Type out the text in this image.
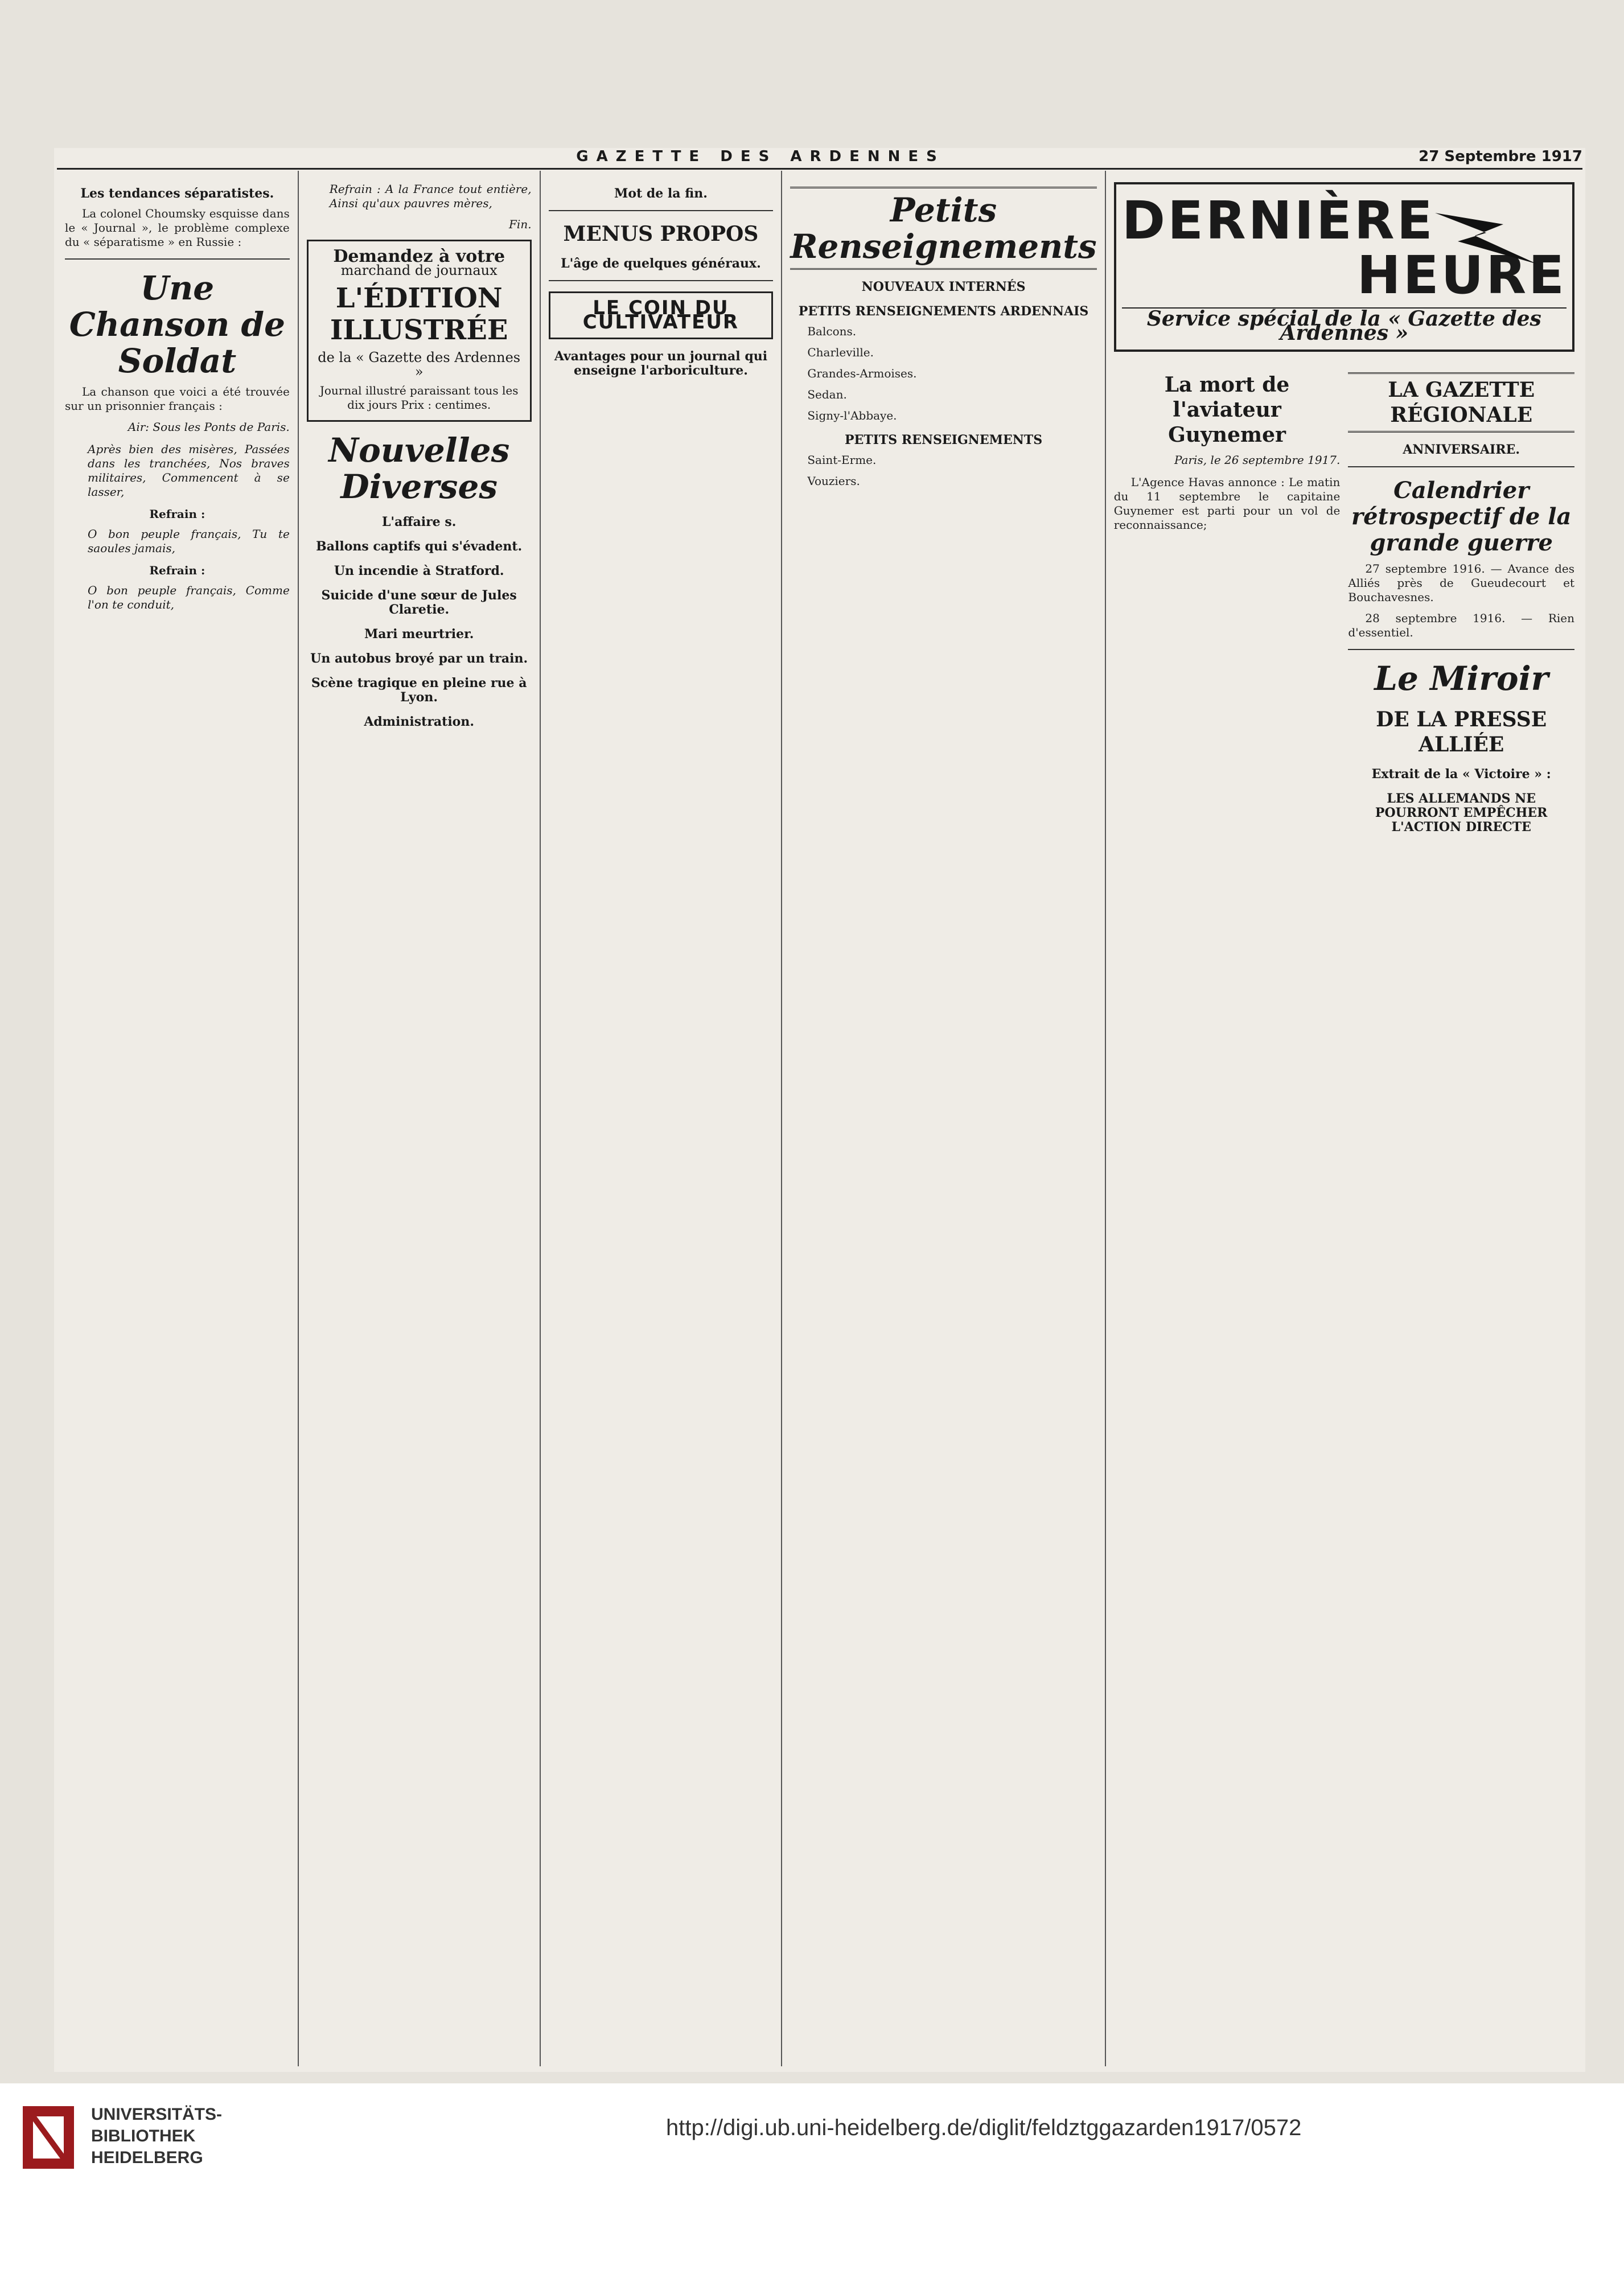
GAZETTE DES ARDENNES	27 Septembre 1917
Les tendances séparatistes.

La colonel Choumsky esquisse dans le « Journal », le problème complexe du « séparatisme » en Russie :

Une Chanson de Soldat

La chanson que voici a été trouvée sur un prisonnier français :

Air: Sous les Ponts de Paris.
Après bien des misères, Passées dans les tranchées, Nos braves militaires, Commencent à se lasser,
Refrain :
O bon peuple français, Tu te saoules jamais,
Refrain :
O bon peuple français, Comme l'on te conduit,
Refrain : A la France tout entière, Ainsi qu'aux pauvres mères,
Fin.
Demandez à votre
marchand de journaux
L'ÉDITION ILLUSTRÉE
de la « Gazette des Ardennes »
Journal illustré paraissant tous les dix jours Prix : centimes.
Nouvelles Diverses
L'affaire s.
Ballons captifs qui s'évadent.
Un incendie à Stratford.
Suicide d'une sœur de Jules Claretie.
Mari meurtrier.
Un autobus broyé par un train.
Scène tragique en pleine rue à Lyon.
Administration.
Mot de la fin.
MENUS PROPOS
L'âge de quelques généraux.
LE COIN DU CULTIVATEUR
Avantages pour un journal qui enseigne l'arboriculture.
Petits Renseignements
NOUVEAUX INTERNÉS
PETITS RENSEIGNEMENTS ARDENNAIS

Balcons.

Charleville.

Grandes-Armoises.

Sedan.

Signy-l'Abbaye.

PETITS RENSEIGNEMENTS

Saint-Erme.

Vouziers.

DERNIÈRE
HEURE
Service spécial de la « Gazette des Ardennes »
La mort de l'aviateur Guynemer
Paris, le 26 septembre 1917.

L'Agence Havas annonce : Le matin du 11 septembre le capitaine Guynemer est parti pour un vol de reconnaissance;

LA GAZETTE RÉGIONALE
ANNIVERSAIRE.
Calendrier rétrospectif de la grande guerre

27 septembre 1916. — Avance des Alliés près de Gueudecourt et Bouchavesnes.

28 septembre 1916. — Rien d'essentiel.

Le Miroir
DE LA PRESSE ALLIÉE
Extrait de la « Victoire » :
LES ALLEMANDS NE POURRONT EMPÊCHER L'ACTION DIRECTE
UNIVERSITÄTS-
BIBLIOTHEK
HEIDELBERG
http://digi.ub.uni-heidelberg.de/diglit/feldztggazarden1917/0572
